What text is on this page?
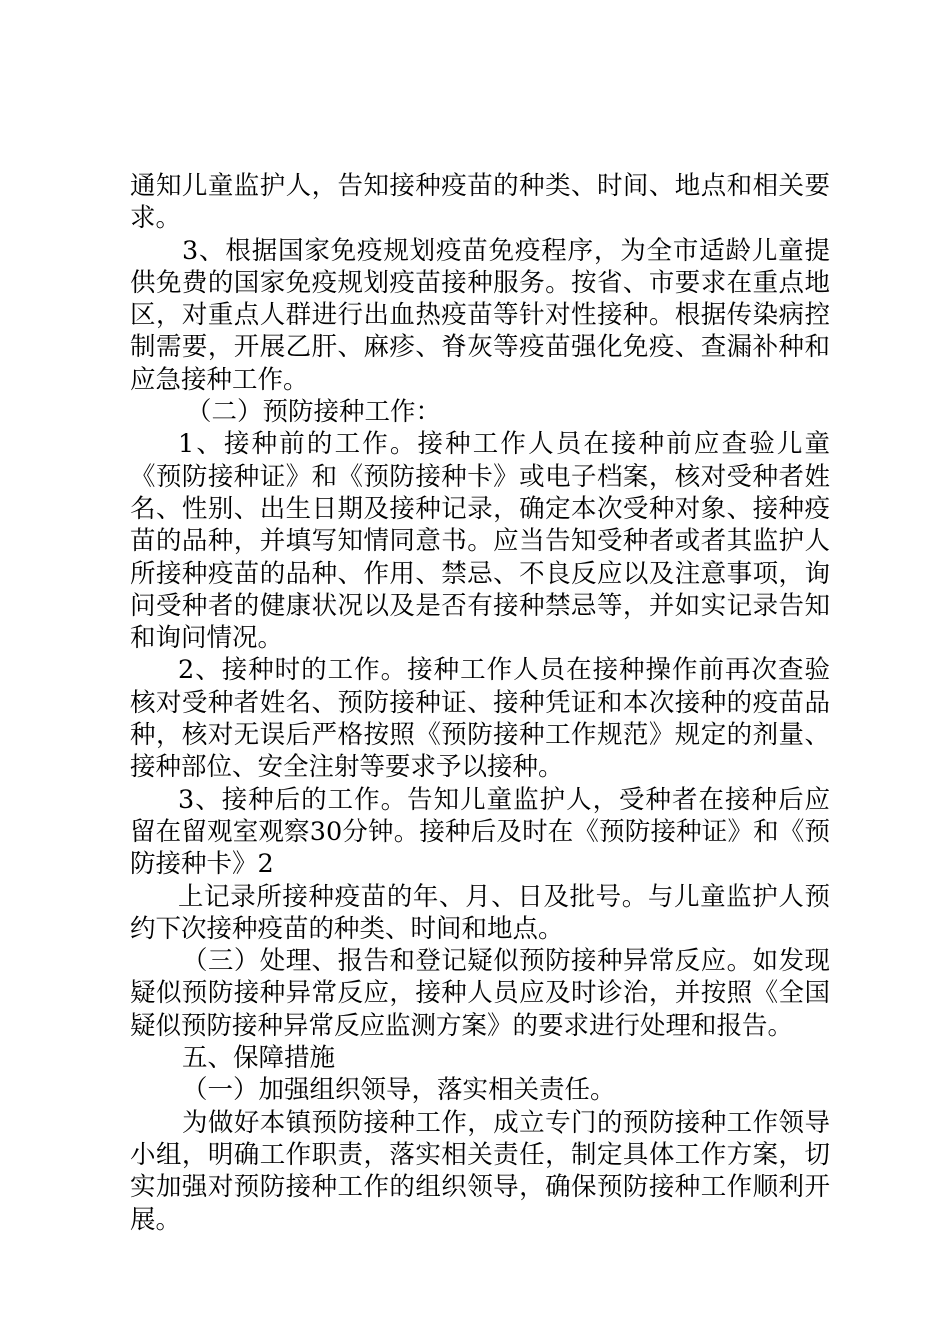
通知儿童监护人，告知接种疫苗的种类、时间、地点和相关要求。

3、根据国家免疫规划疫苗免疫程序，为全市适龄儿童提供免费的国家免疫规划疫苗接种服务。按省、市要求在重点地区，对重点人群进行出血热疫苗等针对性接种。根据传染病控制需要，开展乙肝、麻疹、脊灰等疫苗强化免疫、查漏补种和应急接种工作。

（二）预防接种工作：

1、接种前的工作。接种工作人员在接种前应查验儿童《预防接种证》和《预防接种卡》或电子档案，核对受种者姓名、性别、出生日期及接种记录，确定本次受种对象、接种疫苗的品种，并填写知情同意书。应当告知受种者或者其监护人所接种疫苗的品种、作用、禁忌、不良反应以及注意事项，询问受种者的健康状况以及是否有接种禁忌等，并如实记录告知和询问情况。

2、接种时的工作。接种工作人员在接种操作前再次查验核对受种者姓名、预防接种证、接种凭证和本次接种的疫苗品种，核对无误后严格按照《预防接种工作规范》规定的剂量、接种部位、安全注射等要求予以接种。

3、接种后的工作。告知儿童监护人，受种者在接种后应留在留观室观察30分钟。接种后及时在《预防接种证》和《预防接种卡》2

上记录所接种疫苗的年、月、日及批号。与儿童监护人预约下次接种疫苗的种类、时间和地点。

（三）处理、报告和登记疑似预防接种异常反应。如发现疑似预防接种异常反应，接种人员应及时诊治，并按照《全国疑似预防接种异常反应监测方案》的要求进行处理和报告。

五、保障措施

（一）加强组织领导，落实相关责任。

为做好本镇预防接种工作，成立专门的预防接种工作领导小组，明确工作职责，落实相关责任，制定具体工作方案，切实加强对预防接种工作的组织领导，确保预防接种工作顺利开展。
